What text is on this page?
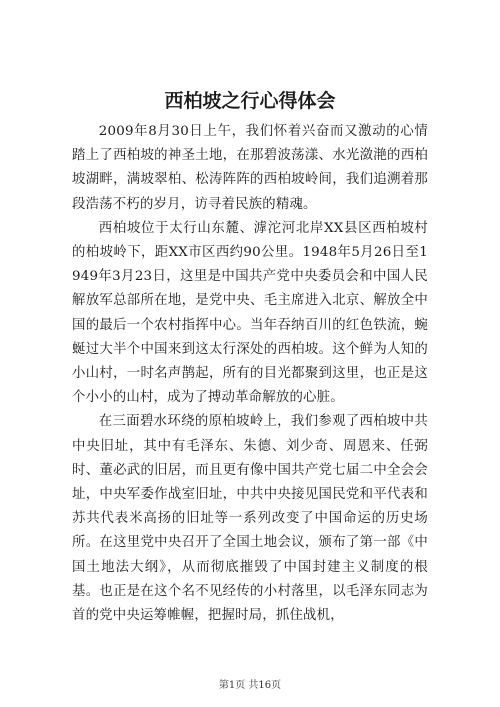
西柏坡之行心得体会

2009年8月30日上午，我们怀着兴奋而又激动的心情踏上了西柏坡的神圣土地，在那碧波荡漾、水光潋滟的西柏坡湖畔，满坡翠柏、松涛阵阵的西柏坡岭间，我们追溯着那段浩荡不朽的岁月，访寻着民族的精魂。

西柏坡位于太行山东麓、滹沱河北岸XX县区西柏坡村的柏坡岭下，距XX市区西约90公里。1948年5月26日至1949年3月23日，这里是中国共产党中央委员会和中国人民解放军总部所在地，是党中央、毛主席进入北京、解放全中国的最后一个农村指挥中心。当年吞纳百川的红色铁流，蜿蜒过大半个中国来到这太行深处的西柏坡。这个鲜为人知的小山村，一时名声鹊起，所有的目光都聚到这里，也正是这个小小的山村，成为了搏动革命解放的心脏。

在三面碧水环绕的原柏坡岭上，我们参观了西柏坡中共中央旧址，其中有毛泽东、朱德、刘少奇、周恩来、任弼时、董必武的旧居，而且更有像中国共产党七届二中全会会址，中央军委作战室旧址，中共中央接见国民党和平代表和苏共代表米高扬的旧址等一系列改变了中国命运的历史场所。在这里党中央召开了全国土地会议，颁布了第一部《中国土地法大纲》，从而彻底摧毁了中国封建主义制度的根基。也正是在这个名不见经传的小村落里，以毛泽东同志为首的党中央运筹帷幄，把握时局，抓住战机，

第1页 共16页
